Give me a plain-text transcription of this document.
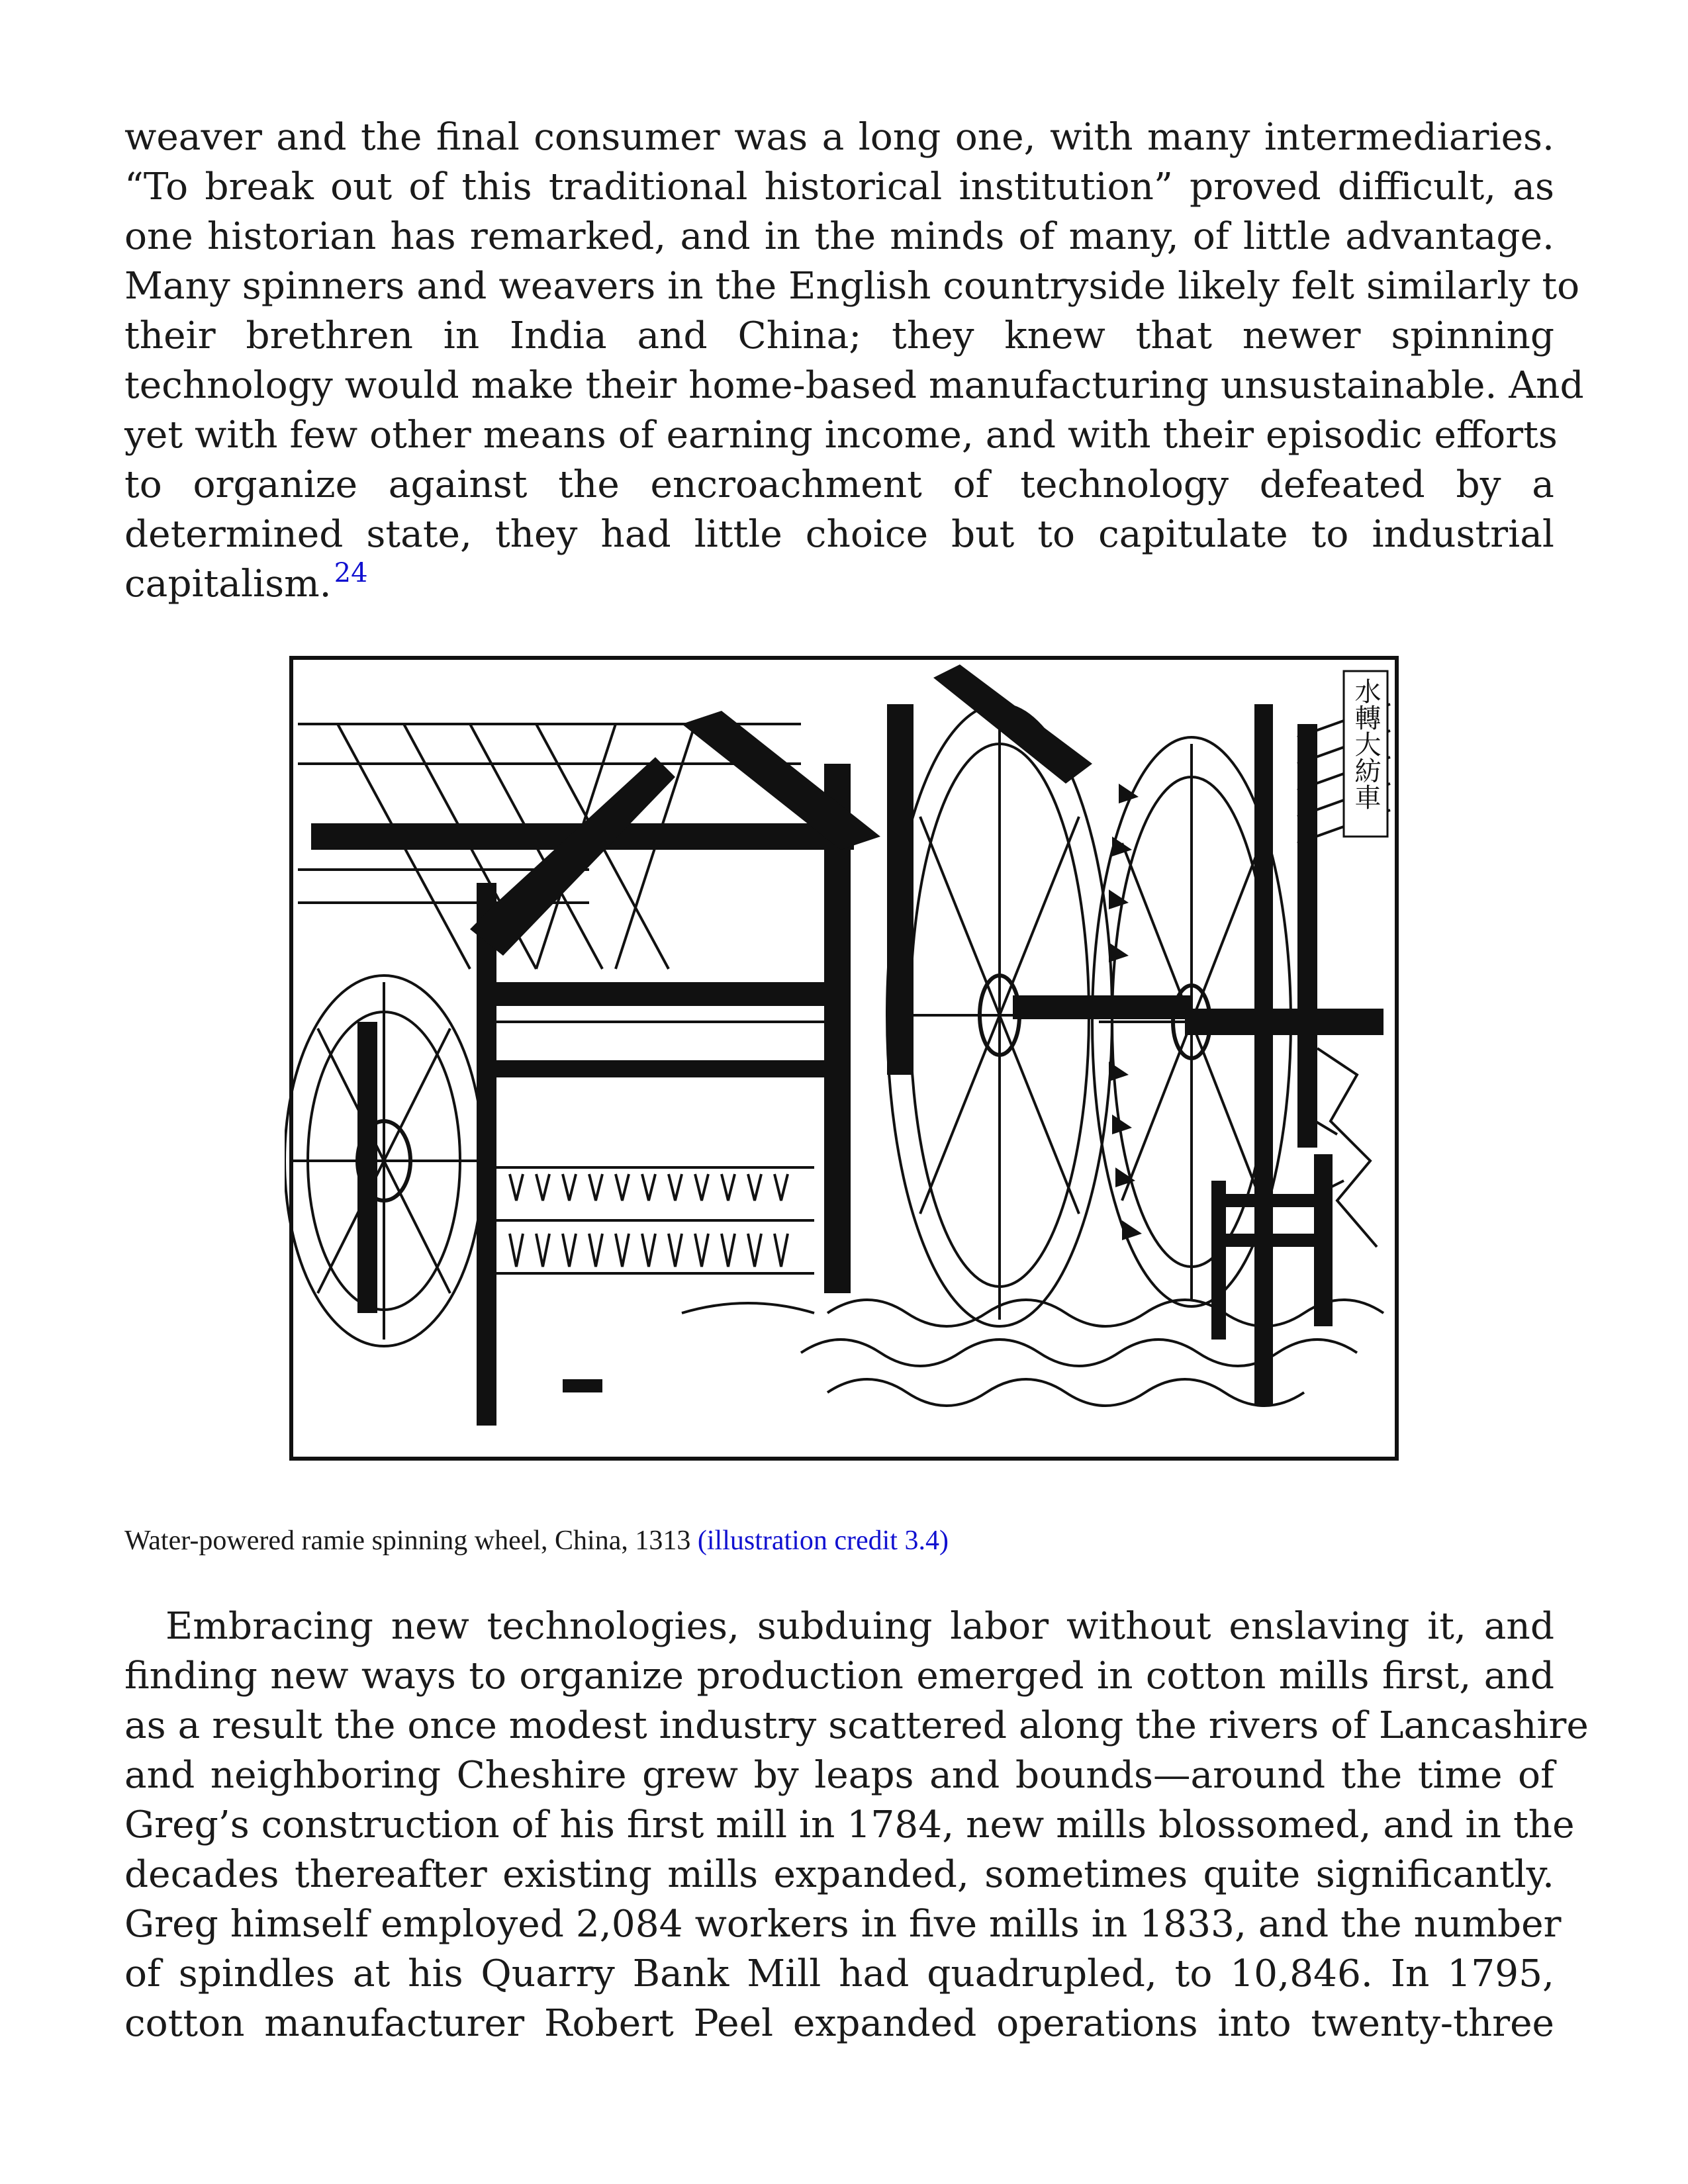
weaver and the final consumer was a long one, with many intermediaries.
“To break out of this traditional historical institution” proved difficult, as
one historian has remarked, and in the minds of many, of little advantage.
Many spinners and weavers in the English countryside likely felt similarly to
their brethren in India and China; they knew that newer spinning
technology would make their home-based manufacturing unsustainable. And
yet with few other means of earning income, and with their episodic efforts
to organize against the encroachment of technology defeated by a
determined state, they had little choice but to capitulate to industrial
capitalism. $^{24}$
水轉大紡車
Water-powered ramie spinning wheel, China, 1313 (illustration credit 3.4)
Embracing new technologies, subduing labor without enslaving it, and
finding new ways to organize production emerged in cotton mills first, and
as a result the once modest industry scattered along the rivers of Lancashire
and neighboring Cheshire grew by leaps and bounds—around the time of
Greg’s construction of his first mill in 1784, new mills blossomed, and in the
decades thereafter existing mills expanded, sometimes quite significantly.
Greg himself employed 2,084 workers in five mills in 1833, and the number
of spindles at his Quarry Bank Mill had quadrupled, to 10,846. In 1795,
cotton manufacturer Robert Peel expanded operations into twenty-three
